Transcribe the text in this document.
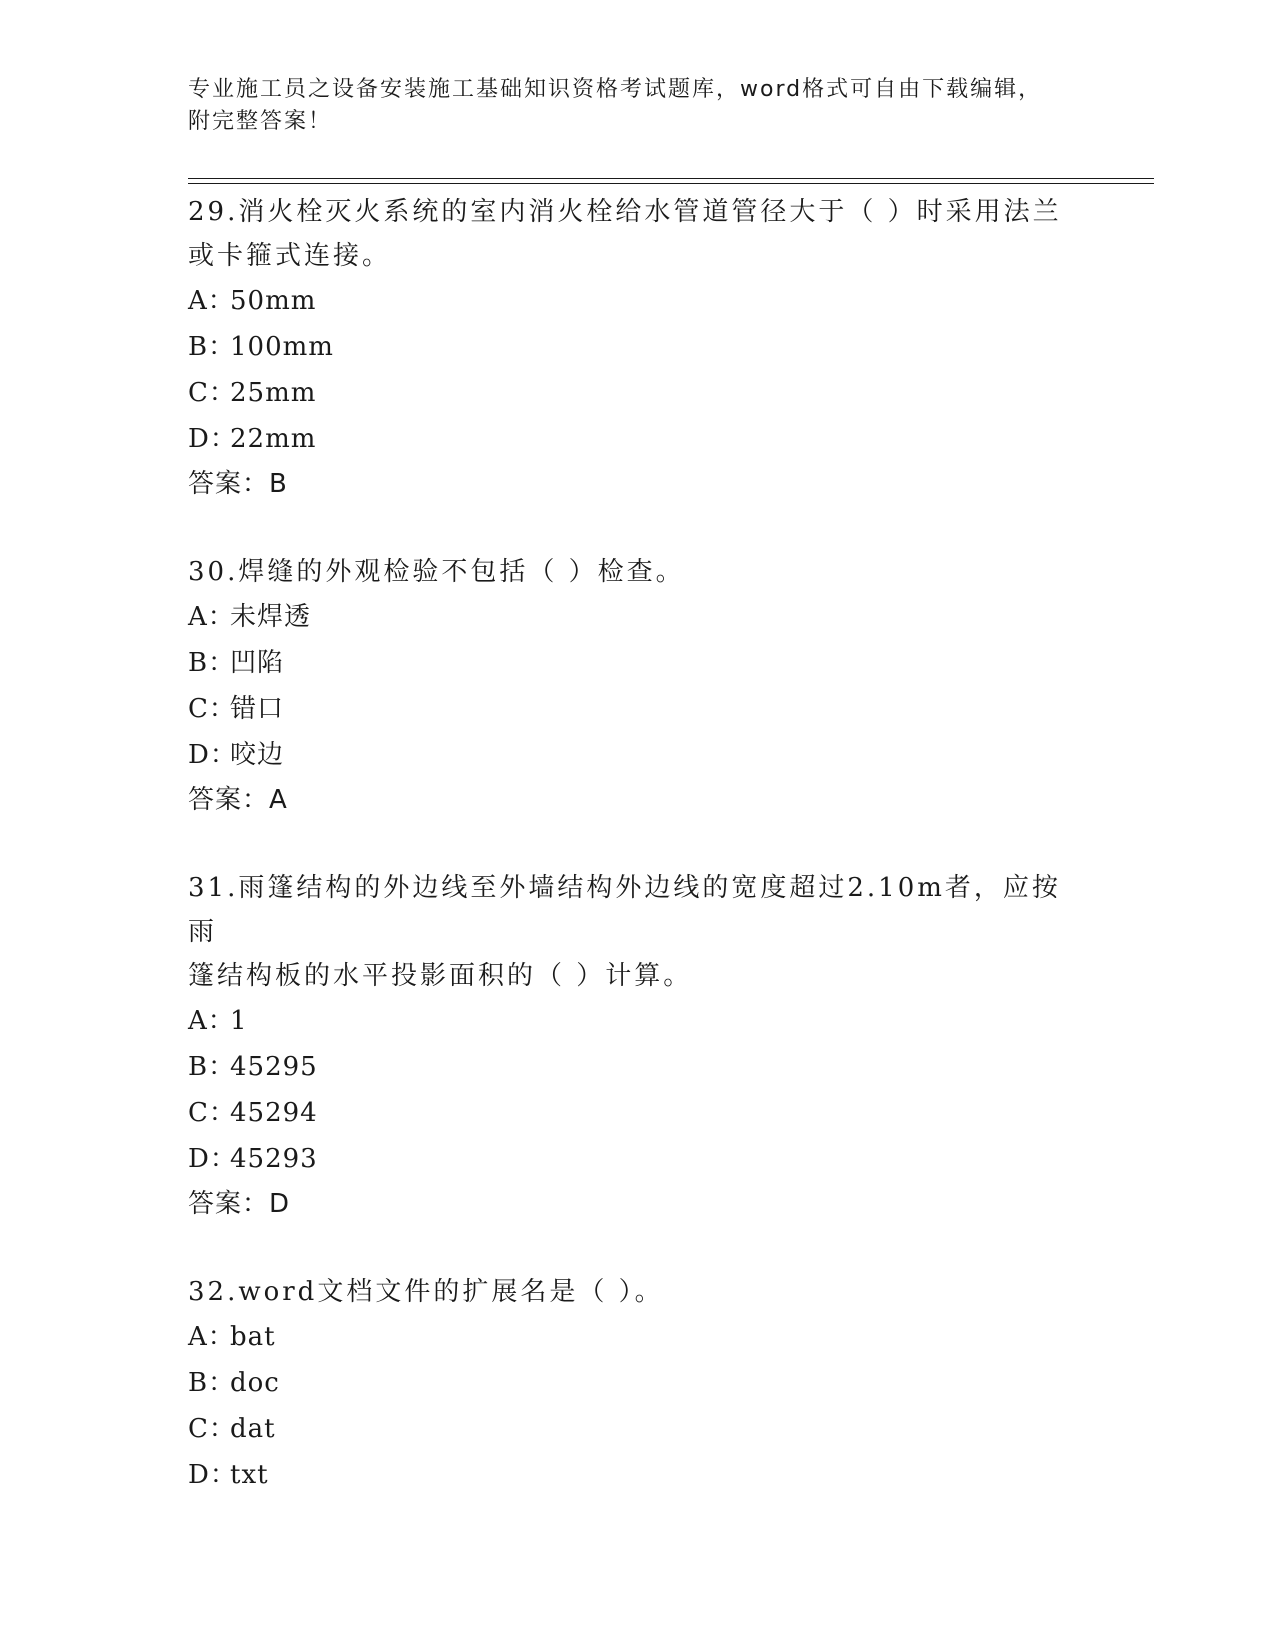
专业施工员之设备安装施工基础知识资格考试题库，word格式可自由下载编辑，
附完整答案！

29.消火栓灭火系统的室内消火栓给水管道管径大于（ ）时采用法兰

或卡箍式连接。

A：
50mm
B：
100mm
C：
25mm
D：
22mm

答案：B

30.焊缝的外观检验不包括（ ）检查。

A：
未焊透
B：
凹陷
C：
错口
D：
咬边

答案：A

31.雨篷结构的外边线至外墙结构外边线的宽度超过2.10m者，应按雨

篷结构板的水平投影面积的（ ）计算。

A：
1
B：
45295
C：
45294
D：
45293

答案：D

32.word文档文件的扩展名是（ ）。

A：
bat
B：
doc
C：
dat
D：
txt
